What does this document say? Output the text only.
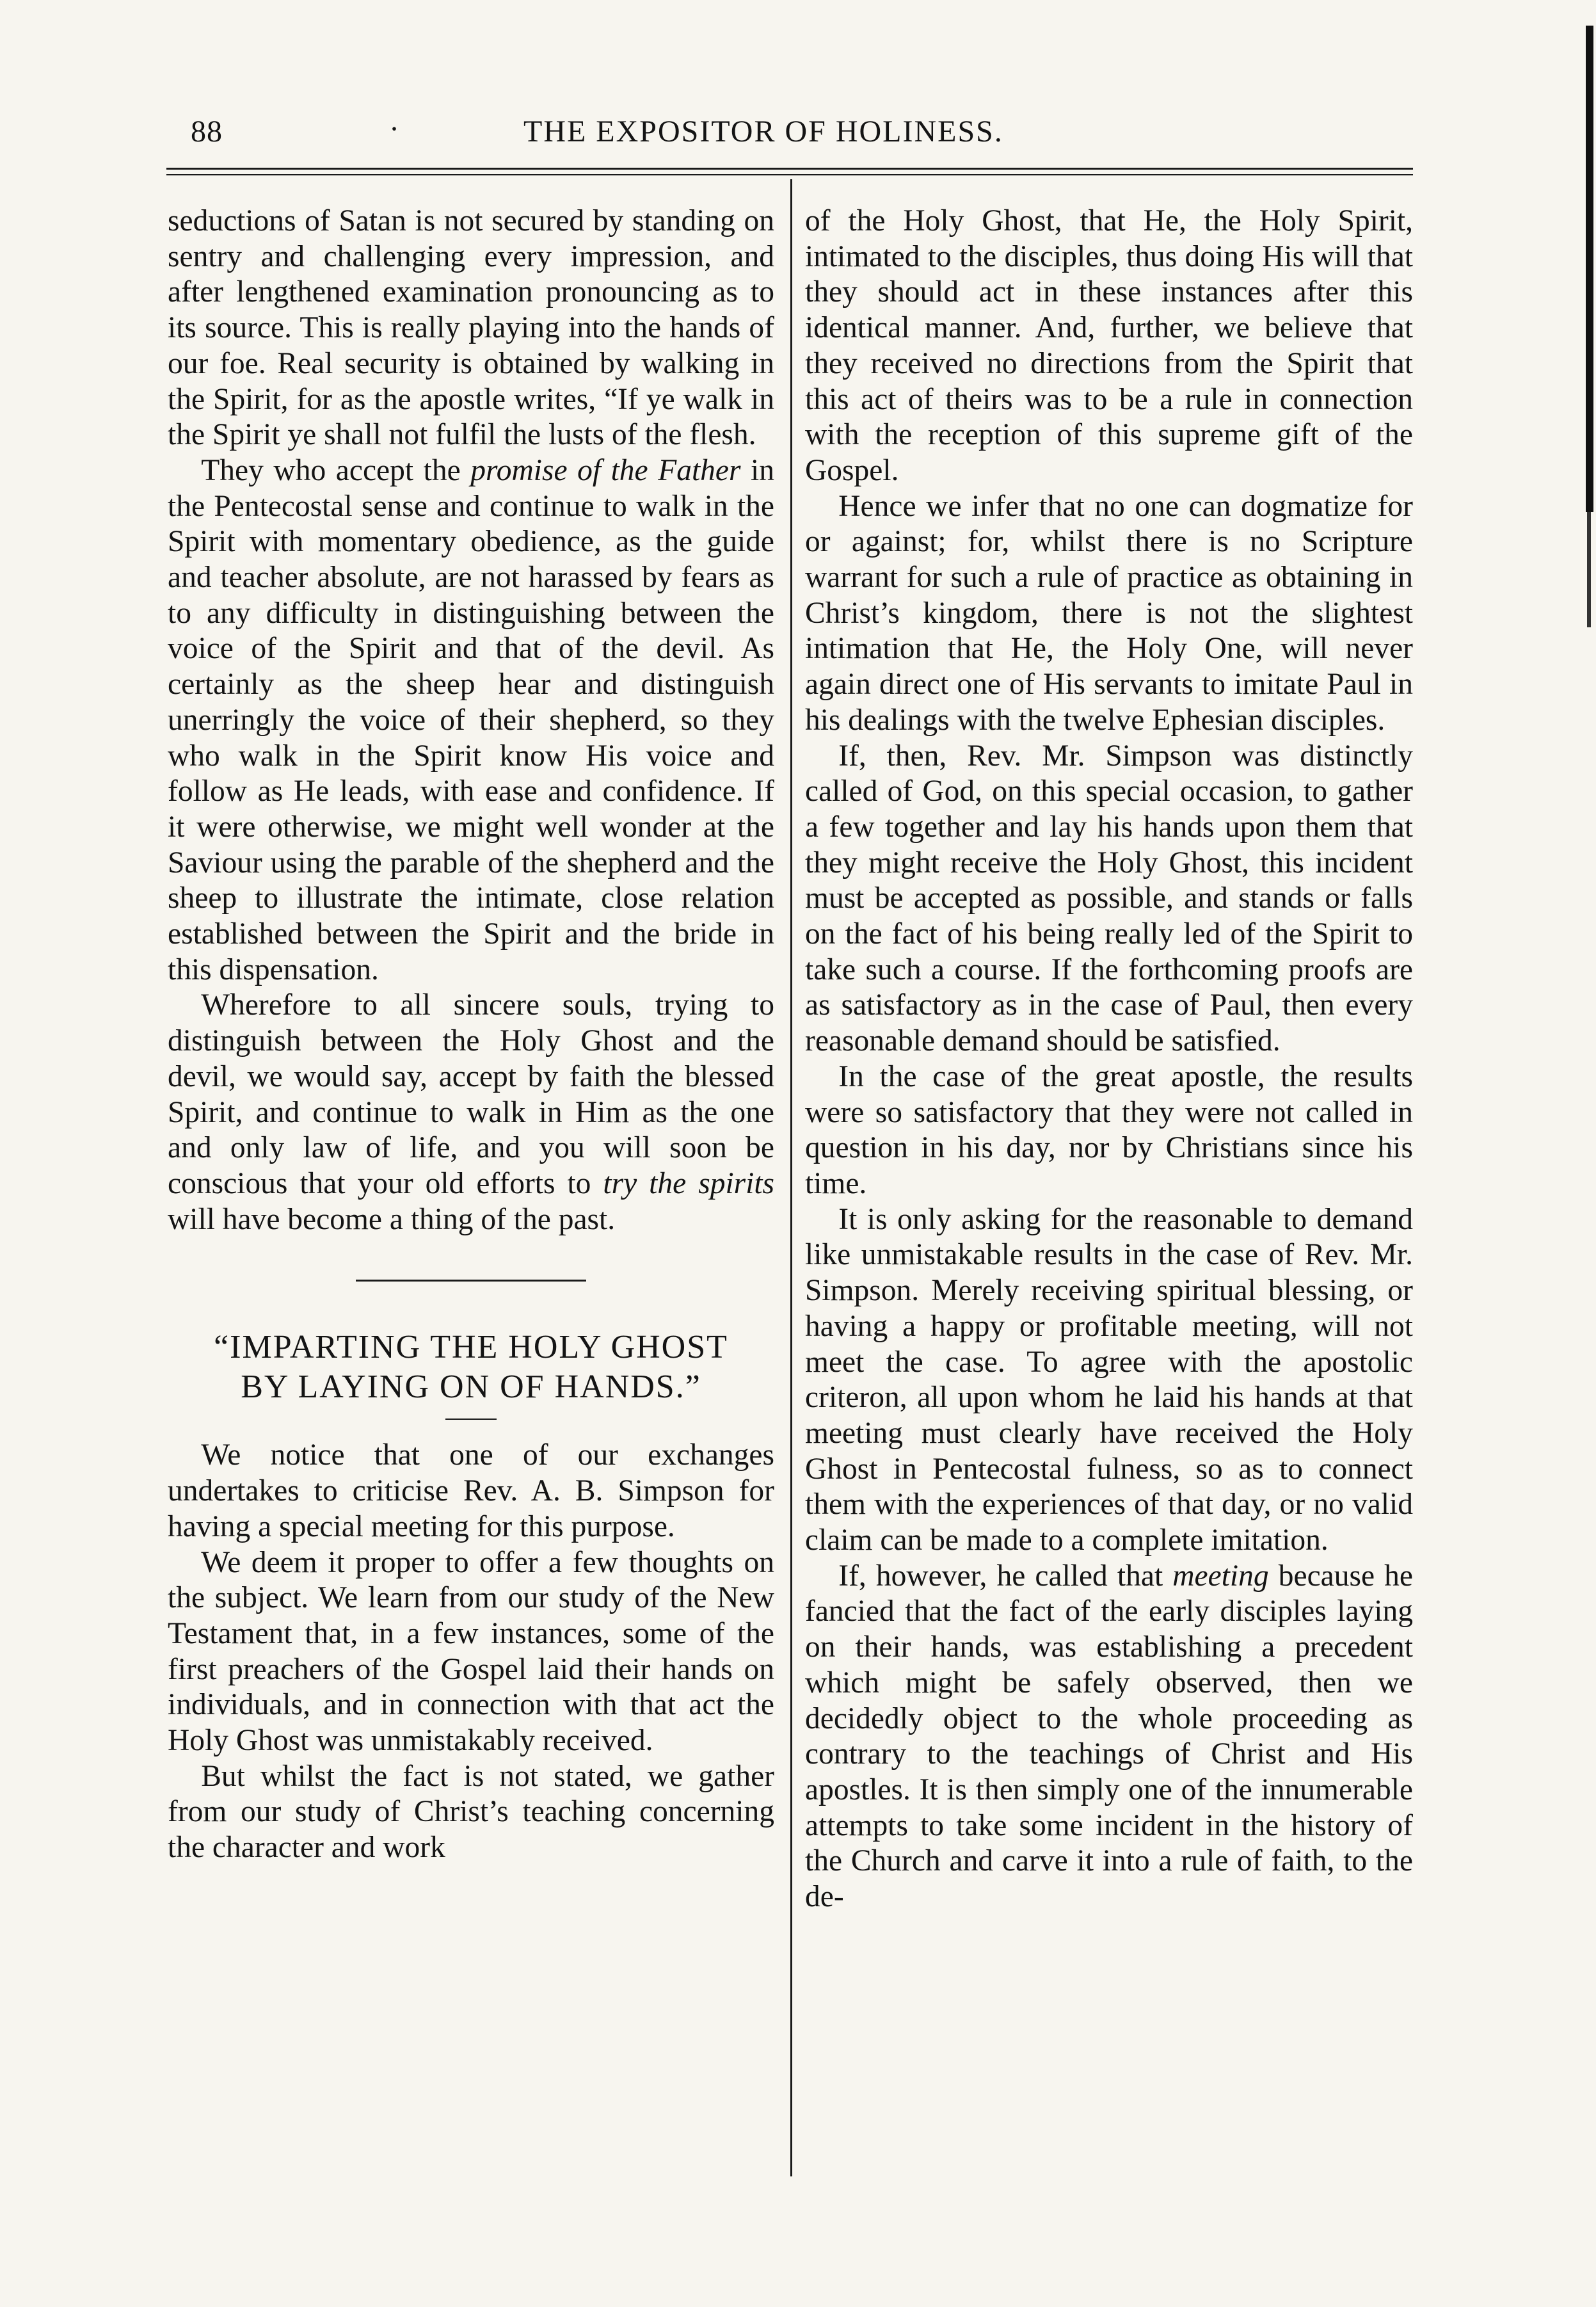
88	·	THE EXPOSITOR OF HOLINESS.

seductions of Satan is not secured by standing on sentry and challenging every impression, and after lengthened examination pronouncing as to its source. This is really playing into the hands of our foe. Real security is obtained by walking in the Spirit, for as the apostle writes, “If ye walk in the Spirit ye shall not fulfil the lusts of the flesh.

They who accept the promise of the Father in the Pentecostal sense and continue to walk in the Spirit with momentary obedience, as the guide and teacher absolute, are not harassed by fears as to any difficulty in distinguishing between the voice of the Spirit and that of the devil. As certainly as the sheep hear and distinguish unerringly the voice of their shepherd, so they who walk in the Spirit know His voice and follow as He leads, with ease and confidence. If it were otherwise, we might well wonder at the Saviour using the parable of the shepherd and the sheep to illustrate the intimate, close relation established between the Spirit and the bride in this dispensation.

Wherefore to all sincere souls, trying to distinguish between the Holy Ghost and the devil, we would say, accept by faith the blessed Spirit, and continue to walk in Him as the one and only law of life, and you will soon be conscious that your old efforts to try the spirits will have become a thing of the past.

“IMPARTING THE HOLY GHOST
BY LAYING ON OF HANDS.”

We notice that one of our exchanges undertakes to criticise Rev. A. B. Simpson for having a special meeting for this purpose.

We deem it proper to offer a few thoughts on the subject. We learn from our study of the New Testament that, in a few instances, some of the first preachers of the Gospel laid their hands on individuals, and in connection with that act the Holy Ghost was unmistakably received.

But whilst the fact is not stated, we gather from our study of Christ’s teaching concerning the character and work

of the Holy Ghost, that He, the Holy Spirit, intimated to the disciples, thus doing His will that they should act in these instances after this identical manner. And, further, we believe that they received no directions from the Spirit that this act of theirs was to be a rule in connection with the reception of this supreme gift of the Gospel.

Hence we infer that no one can dogmatize for or against; for, whilst there is no Scripture warrant for such a rule of practice as obtaining in Christ’s kingdom, there is not the slightest intimation that He, the Holy One, will never again direct one of His servants to imitate Paul in his dealings with the twelve Ephesian disciples.

If, then, Rev. Mr. Simpson was distinctly called of God, on this special occasion, to gather a few together and lay his hands upon them that they might receive the Holy Ghost, this incident must be accepted as possible, and stands or falls on the fact of his being really led of the Spirit to take such a course. If the forthcoming proofs are as satisfactory as in the case of Paul, then every reasonable demand should be satisfied.

In the case of the great apostle, the results were so satisfactory that they were not called in question in his day, nor by Christians since his time.

It is only asking for the reasonable to demand like unmistakable results in the case of Rev. Mr. Simpson. Merely receiving spiritual blessing, or having a happy or profitable meeting, will not meet the case. To agree with the apostolic criteron, all upon whom he laid his hands at that meeting must clearly have received the Holy Ghost in Pentecostal fulness, so as to connect them with the experiences of that day, or no valid claim can be made to a complete imitation.

If, however, he called that meeting because he fancied that the fact of the early disciples laying on their hands, was establishing a precedent which might be safely observed, then we decidedly object to the whole proceeding as contrary to the teachings of Christ and His apostles. It is then simply one of the innumerable attempts to take some incident in the history of the Church and carve it into a rule of faith, to the de-
